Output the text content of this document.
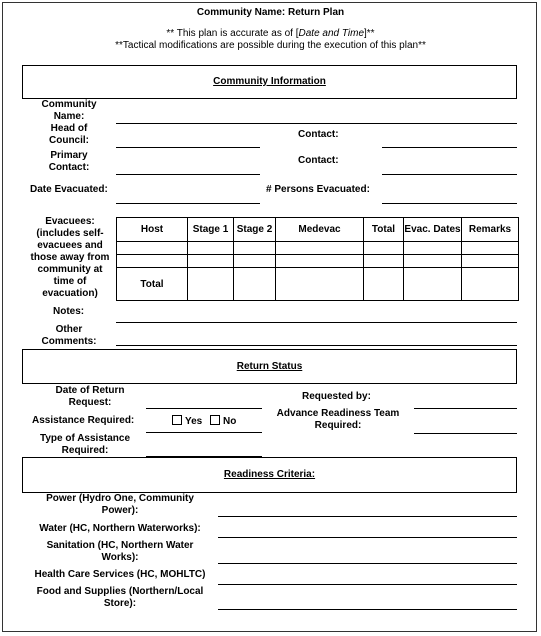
Community Name: Return Plan
** This plan is accurate as of [Date and Time]**
**Tactical modifications are possible during the execution of this plan**
Community Information
Community
Name:
Head of
Council:
Contact:
Primary
Contact:
Contact:
Date Evacuated:	# Persons Evacuated:
Evacuees:
(includes self-
evacuees and
those away from
community at
time of
evacuation)
Host	Stage 1	Stage 2	Medevac	Total	Evac. Dates	Remarks

Total						
Notes:
Other
Comments:
Return Status
Date of Return
Request:
Requested by:
Assistance Required:	Yes	No
Advance Readiness Team
Required:
Type of Assistance
Required:
Readiness Criteria:
Power (Hydro One, Community
Power):
Water (HC, Northern Waterworks):
Sanitation (HC, Northern Water
Works):
Health Care Services (HC, MOHLTC)
Food and Supplies (Northern/Local
Store):
